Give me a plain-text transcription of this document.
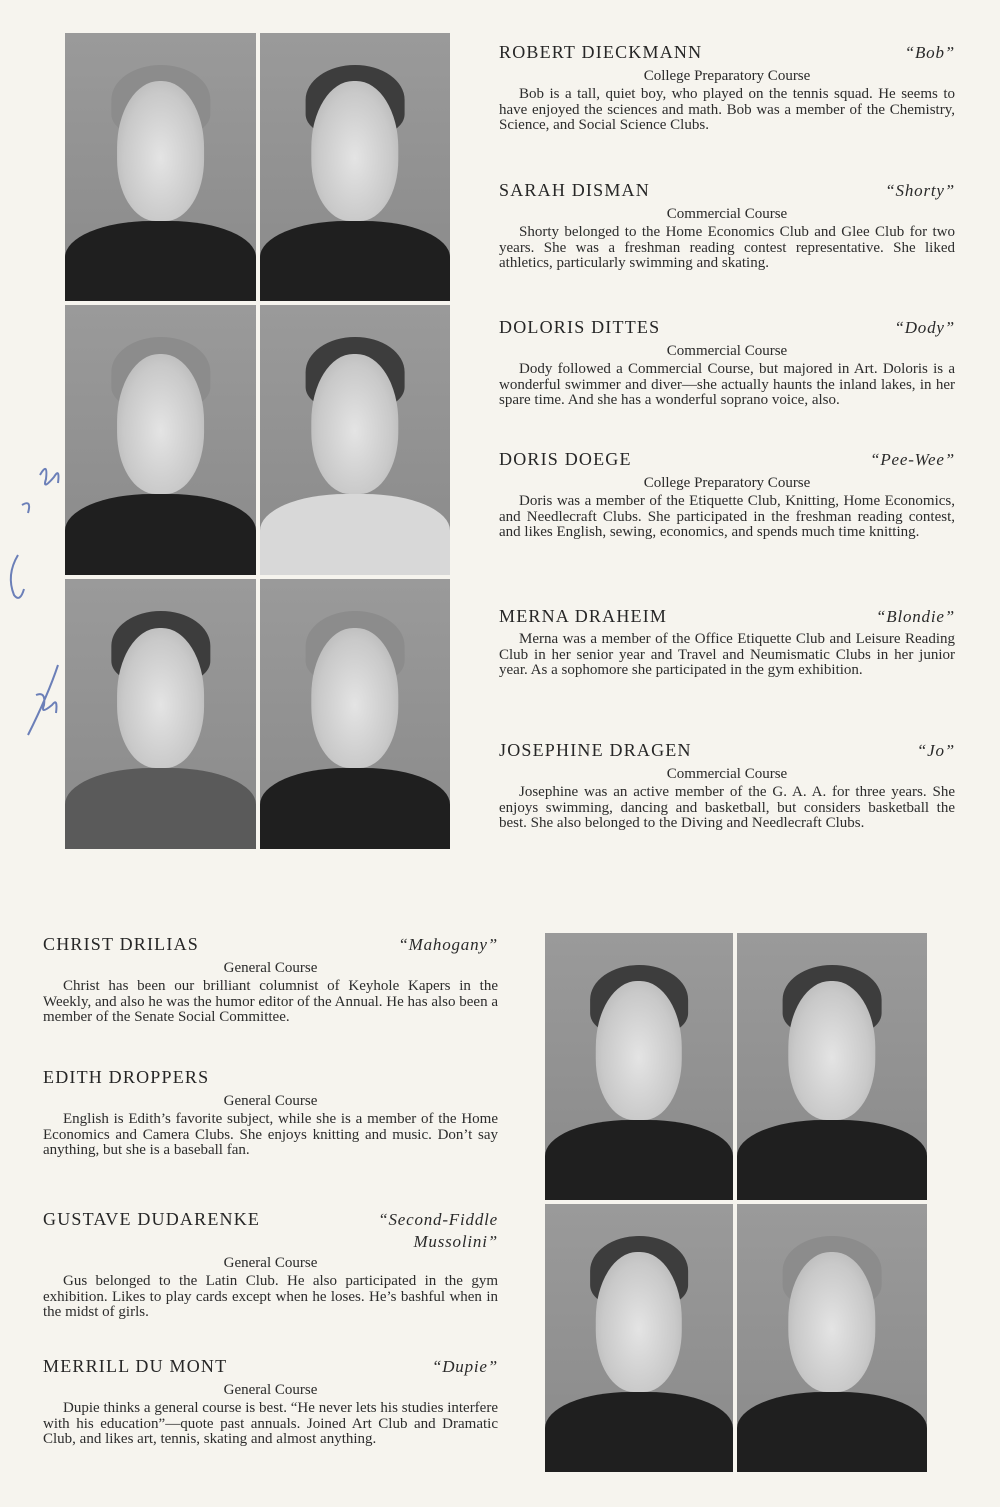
ROBERT DIECKMANN	“Bob”
College Preparatory Course
Bob is a tall, quiet boy, who played on the tennis squad. He seems to have enjoyed the sciences and math. Bob was a member of the Chemistry, Science, and Social Science Clubs.
SARAH DISMAN	“Shorty”
Commercial Course
Shorty belonged to the Home Economics Club and Glee Club for two years. She was a freshman reading contest representative. She liked athletics, particularly swimming and skating.
DOLORIS DITTES	“Dody”
Commercial Course
Dody followed a Commercial Course, but majored in Art. Doloris is a wonderful swimmer and diver—she actually haunts the inland lakes, in her spare time. And she has a wonderful soprano voice, also.
DORIS DOEGE	“Pee-Wee”
College Preparatory Course
Doris was a member of the Etiquette Club, Knitting, Home Economics, and Needlecraft Clubs. She participated in the freshman reading contest, and likes English, sewing, economics, and spends much time knitting.
MERNA DRAHEIM	“Blondie”
Merna was a member of the Office Etiquette Club and Leisure Reading Club in her senior year and Travel and Neumismatic Clubs in her junior year. As a sophomore she participated in the gym exhibition.
JOSEPHINE DRAGEN	“Jo”
Commercial Course
Josephine was an active member of the G. A. A. for three years. She enjoys swimming, dancing and basketball, but considers basketball the best. She also belonged to the Diving and Needlecraft Clubs.
CHRIST DRILIAS	“Mahogany”
General Course
Christ has been our brilliant columnist of Keyhole Kapers in the Weekly, and also he was the humor editor of the Annual. He has also been a member of the Senate Social Committee.
EDITH DROPPERS
General Course
English is Edith’s favorite subject, while she is a member of the Home Economics and Camera Clubs. She enjoys knitting and music. Don’t say anything, but she is a baseball fan.
GUSTAVE DUDARENKE	“Second-Fiddle Mussolini”
General Course
Gus belonged to the Latin Club. He also participated in the gym exhibition. Likes to play cards except when he loses. He’s bashful when in the midst of girls.
MERRILL DU MONT	“Dupie”
General Course
Dupie thinks a general course is best. “He never lets his studies interfere with his education”—quote past annuals. Joined Art Club and Dramatic Club, and likes art, tennis, skating and almost anything.
